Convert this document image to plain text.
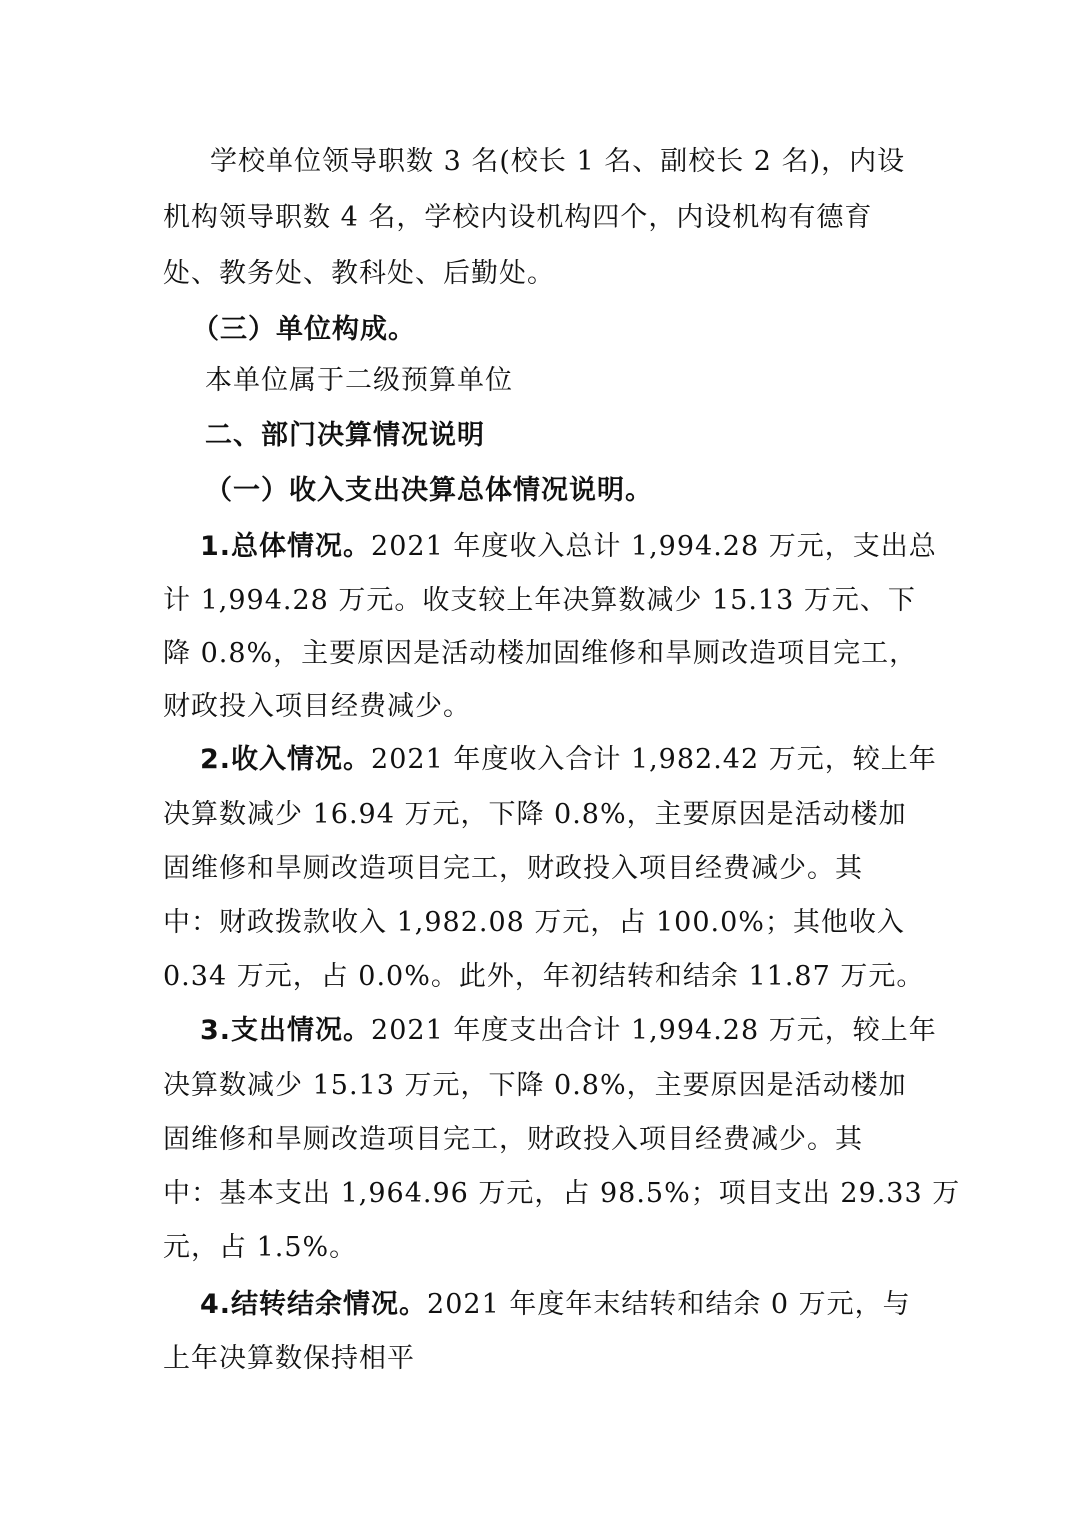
学校单位领导职数 3 名(校长 1 名、副校长 2 名)，内设
机构领导职数 4 名，学校内设机构四个，内设机构有德育
处、教务处、教科处、后勤处。
（三）单位构成。
本单位属于二级预算单位
二、部门决算情况说明
（一）收入支出决算总体情况说明。
1.总体情况。2021 年度收入总计 1,994.28 万元，支出总
计 1,994.28 万元。收支较上年决算数减少 15.13 万元、下
降 0.8%，主要原因是活动楼加固维修和旱厕改造项目完工，
财政投入项目经费减少。
2.收入情况。2021 年度收入合计 1,982.42 万元，较上年
决算数减少 16.94 万元，下降 0.8%，主要原因是活动楼加
固维修和旱厕改造项目完工，财政投入项目经费减少。其
中：财政拨款收入 1,982.08 万元，占 100.0%；其他收入
0.34 万元，占 0.0%。此外，年初结转和结余 11.87 万元。
3.支出情况。2021 年度支出合计 1,994.28 万元，较上年
决算数减少 15.13 万元，下降 0.8%，主要原因是活动楼加
固维修和旱厕改造项目完工，财政投入项目经费减少。其
中：基本支出 1,964.96 万元，占 98.5%；项目支出 29.33 万
元，占 1.5%。
4.结转结余情况。2021 年度年末结转和结余 0 万元，与
上年决算数保持相平
